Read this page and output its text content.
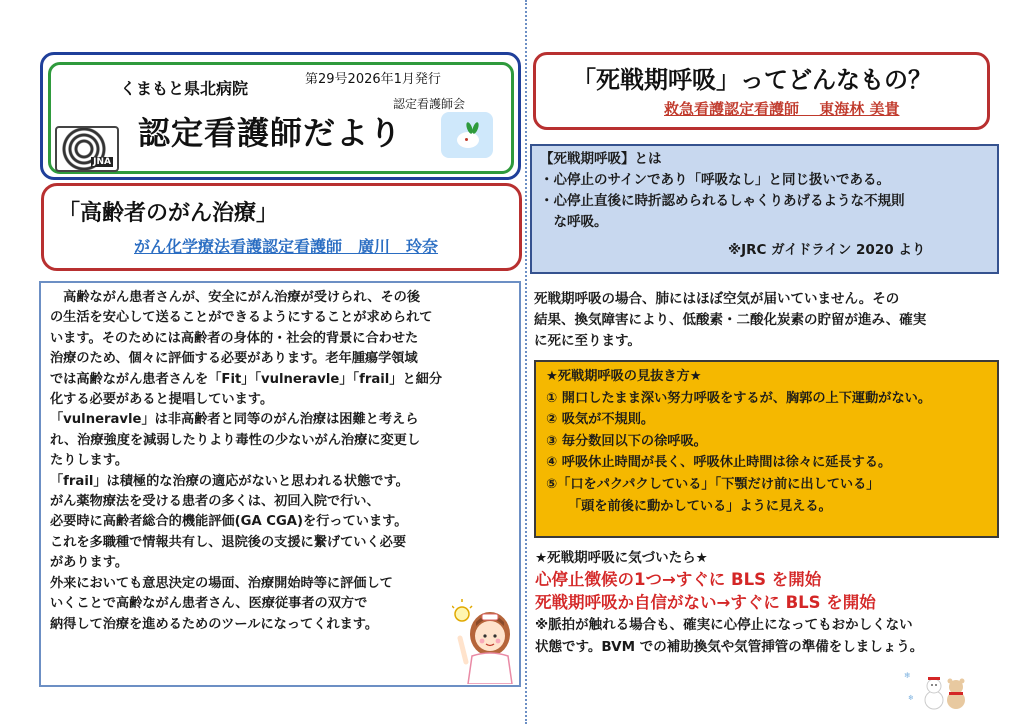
くまもと県北病院	第29号2026年1月発行
認定看護師会
JNA
認定看護師だより
「高齢者のがん治療」
がん化学療法看護認定看護師　廣川　玲奈

　高齢ながん患者さんが、安全にがん治療が受けられ、その後

の生活を安心して送ることができるようにすることが求められて

います。そのためには高齢者の身体的・社会的背景に合わせた

治療のため、個々に評価する必要があります。老年腫瘍学領域

では高齢ながん患者さんを「Fit」「vulneravle」「frail」と細分

化する必要があると提唱しています。

「vulneravle」は非高齢者と同等のがん治療は困難と考えら

れ、治療強度を減弱したりより毒性の少ないがん治療に変更し

たりします。

「frail」は積極的な治療の適応がないと思われる状態です。

がん薬物療法を受ける患者の多くは、初回入院で行い、

必要時に高齢者総合的機能評価(GA CGA)を行っています。

これを多職種で情報共有し、退院後の支援に繋げていく必要

があります。

外来においても意思決定の場面、治療開始時等に評価して

いくことで高齢ながん患者さん、医療従事者の双方で

納得して治療を進めるためのツールになってくれます。

「死戦期呼吸」ってどんなもの？
救急看護認定看護師　 東海林 美貴

【死戦期呼吸】とは

・心停止のサインであり「呼吸なし」と同じ扱いである。

・心停止直後に時折認められるしゃくりあげるような不規則

　な呼吸。

※JRC ガイドライン 2020 より

死戦期呼吸の場合、肺にはほぼ空気が届いていません。その

結果、換気障害により、低酸素・二酸化炭素の貯留が進み、確実

に死に至ります。

★死戦期呼吸の見抜き方★

① 開口したまま深い努力呼吸をするが、胸郭の上下運動がない。

② 吸気が不規則。

③ 毎分数回以下の徐呼吸。

④ 呼吸休止時間が長く、呼吸休止時間は徐々に延長する。

⑤「口をパクパクしている」「下顎だけ前に出している」

「頭を前後に動かしている」ように見える。

★死戦期呼吸に気づいたら★
心停止徴候の1つ→すぐに BLS を開始
死戦期呼吸か自信がない→すぐに BLS を開始

※脈拍が触れる場合も、確実に心停止になってもおかしくない

状態です。BVM での補助換気や気管挿管の準備をしましょう。

❄
❄
